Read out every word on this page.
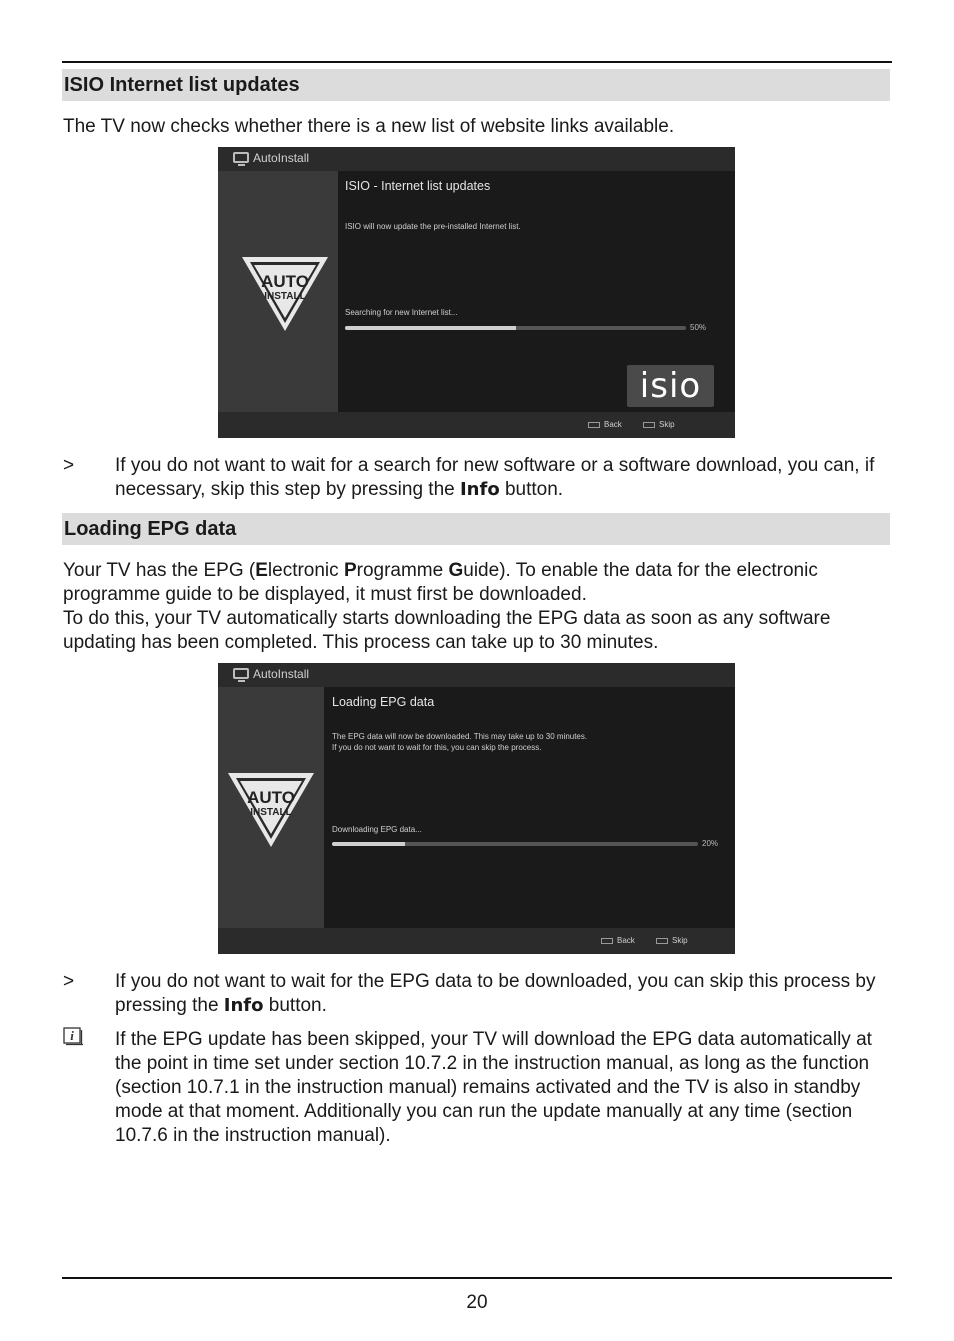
ISIO Internet list updates

The TV now checks whether there is a new list of website links available.

AutoInstall
AUTO
INSTALL
ISIO - Internet list updates
ISIO will now update the pre-installed Internet list.
Searching for new Internet list...
50%
isio
Back	Skip
> If you do not want to wait for a search for new software or a software download, you can, if necessary, skip this step by pressing the Info button.
Loading EPG data

Your TV has the EPG (Electronic Programme Guide). To enable the data for the electronic

programme guide to be displayed, it must first be downloaded.

To do this, your TV automatically starts downloading the EPG data as soon as any software

updating has been completed. This process can take up to 30 minutes.

AutoInstall
AUTO
INSTALL
Loading EPG data
The EPG data will now be downloaded. This may take up to 30 minutes.
If you do not want to wait for this, you can skip the process.
Downloading EPG data...
20%
Back	Skip
> If you do not want to wait for the EPG data to be downloaded, you can skip this process by pressing the Info button.
i If the EPG update has been skipped, your TV will download the EPG data automatically at the point in time set under section 10.7.2 in the instruction manual, as long as the function (section 10.7.1 in the instruction manual) remains activated and the TV is also in standby mode at that moment. Additionally you can run the update manually at any time (section 10.7.6 in the instruction manual).
20
